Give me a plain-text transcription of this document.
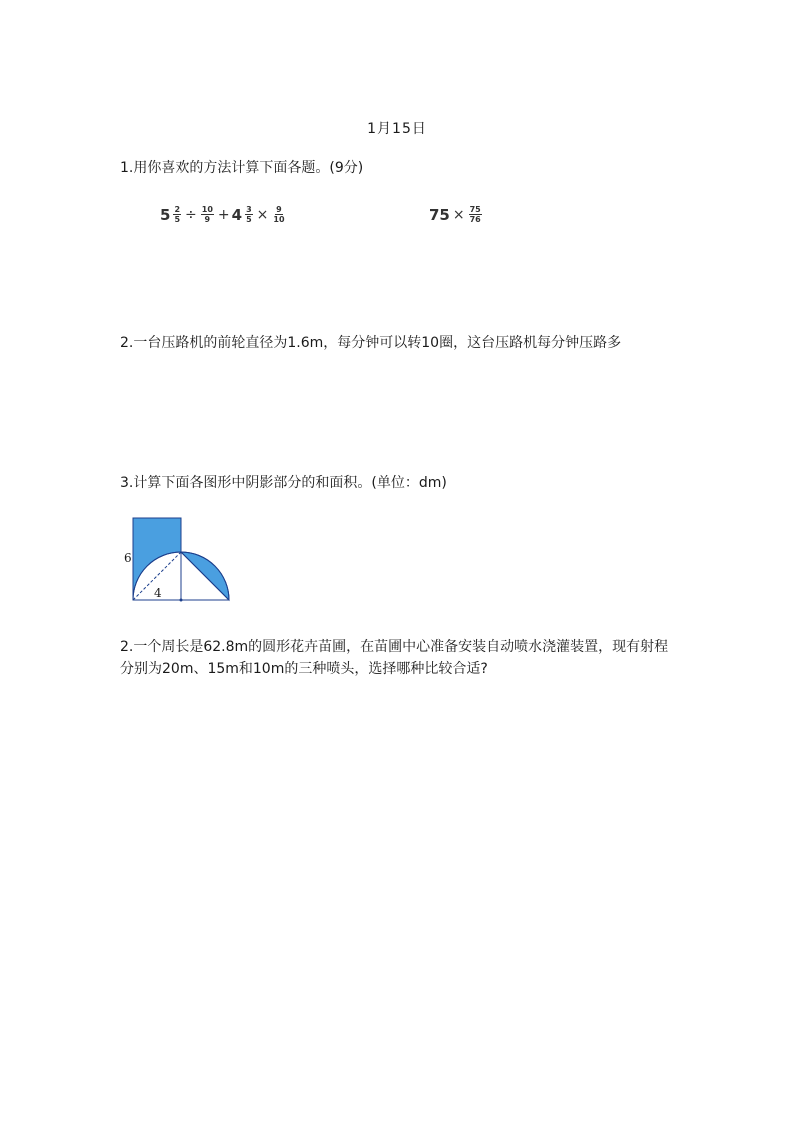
1月15日
1.用你喜欢的方法计算下面各题。(9分)
$5 \frac{2}{5} \div \frac{10}{9} + 4 \frac{3}{5} \times \frac{9}{10}$	$75 \times \frac{75}{76}$
2.一台压路机的前轮直径为1.6m，每分钟可以转10圈，这台压路机每分钟压路多
3.计算下面各图形中阴影部分的和面积。(单位：dm)
6
4
2.一个周长是62.8m的圆形花卉苗圃，在苗圃中心准备安装自动喷水浇灌装置，现有射程分别为20m、15m和10m的三种喷头，选择哪种比较合适?
